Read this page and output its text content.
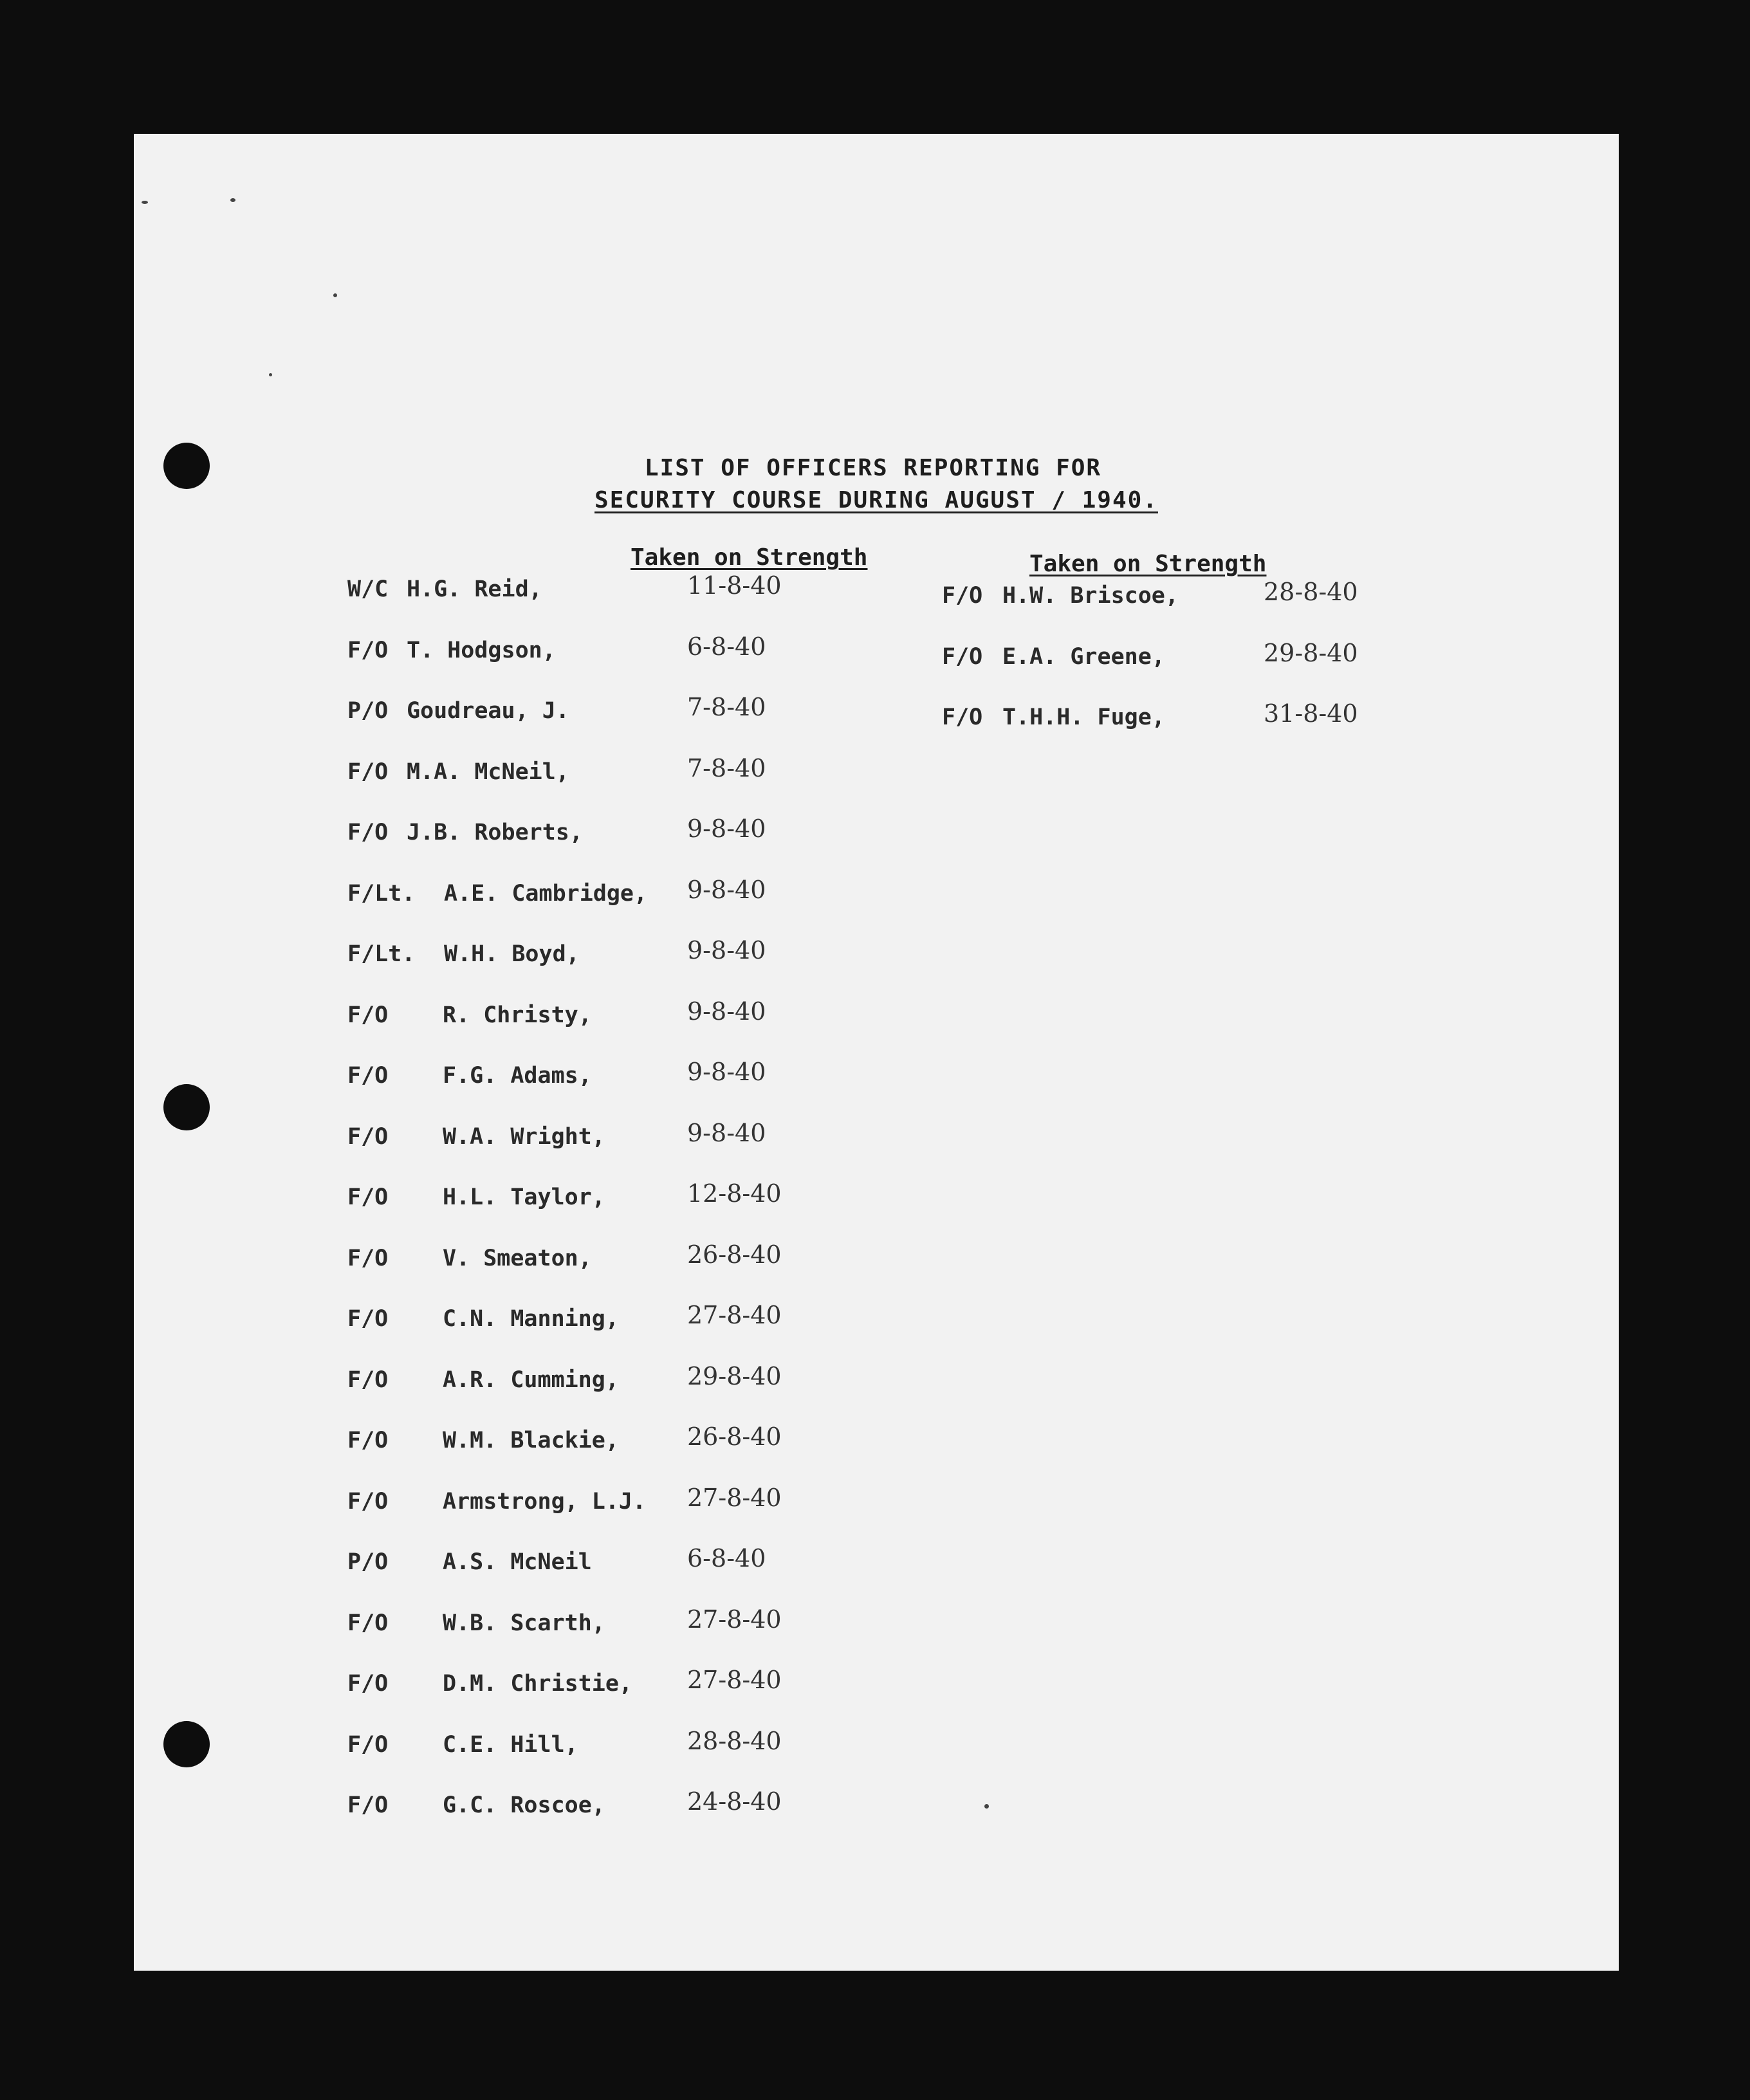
LIST OF OFFICERS REPORTING FOR
SECURITY COURSE DURING AUGUST / 1940.
Taken on Strength	Taken on Strength
W/C H.G. Reid,	11-8-40
F/O T. Hodgson,	6-8-40
P/O Goudreau, J.	7-8-40
F/O M.A. McNeil,	7-8-40
F/O J.B. Roberts,	9-8-40
F/Lt. A.E. Cambridge, 9-8-40
F/Lt. W.H. Boyd,	9-8-40
F/O R. Christy,	9-8-40
F/O F.G. Adams,	9-8-40
F/O W.A. Wright,	9-8-40
F/O H.L. Taylor,	12-8-40
F/O V. Smeaton,	26-8-40
F/O C.N. Manning,	27-8-40
F/O A.R. Cumming,	29-8-40
F/O W.M. Blackie,	26-8-40
F/O Armstrong, L.J. 27-8-40
P/O A.S. McNeil	6-8-40
F/O W.B. Scarth,	27-8-40
F/O D.M. Christie, 27-8-40
F/O C.E. Hill,	28-8-40
F/O G.C. Roscoe,	24-8-40
F/O H.W. Briscoe,	28-8-40
F/O E.A. Greene,	29-8-40
F/O T.H.H. Fuge,	31-8-40
